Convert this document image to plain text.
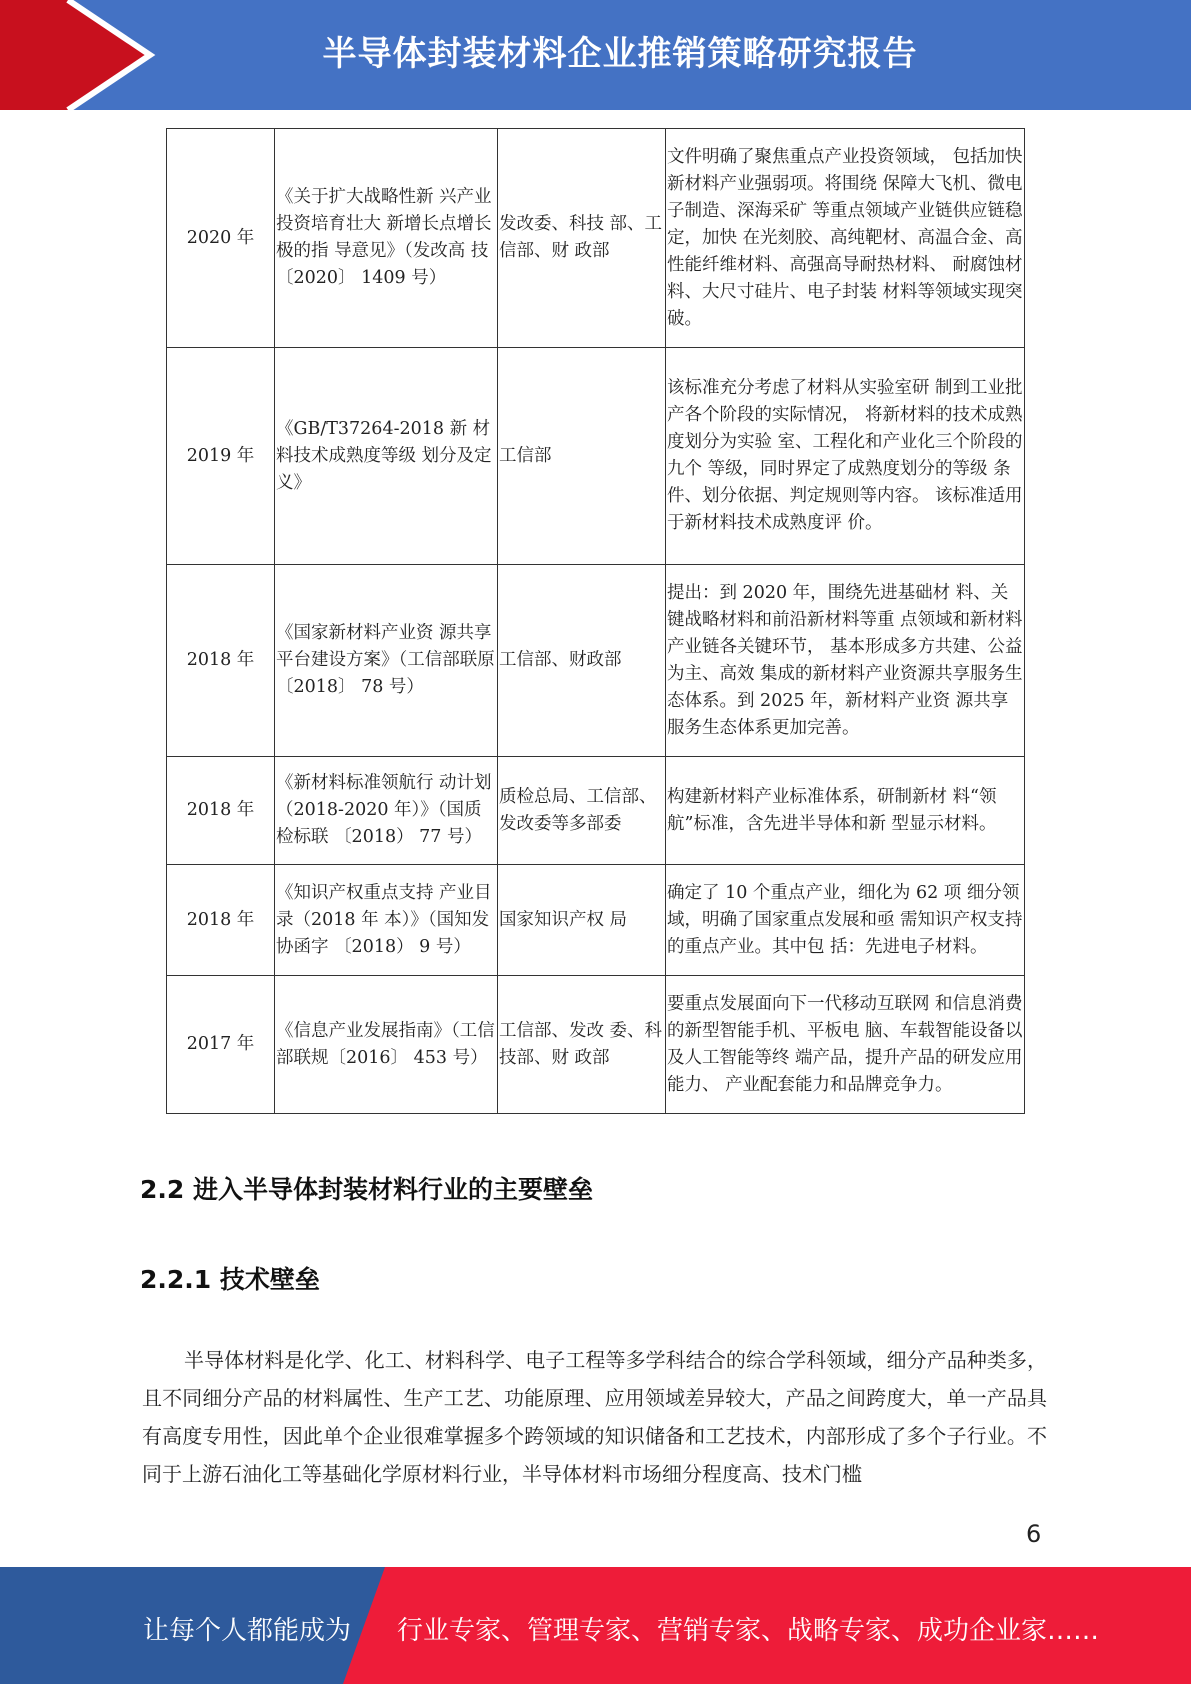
半导体封装材料企业推销策略研究报告
2020 年	《关于扩大战略性新 兴产业投资培育壮大 新增长点增长极的指 导意见》（发改高 技〔2020〕 1409 号）	发改委、科技 部、工信部、财 政部	文件明确了聚焦重点产业投资领域， 包括加快新材料产业强弱项。将围绕 保障大飞机、微电子制造、深海采矿 等重点领域产业链供应链稳定，加快 在光刻胶、高纯靶材、高温合金、高 性能纤维材料、高强高导耐热材料、 耐腐蚀材料、大尺寸硅片、电子封装 材料等领域实现突破。
2019 年	《GB/T37264-2018 新 材料技术成熟度等级 划分及定义》	工信部	该标准充分考虑了材料从实验室研 制到工业批产各个阶段的实际情况， 将新材料的技术成熟度划分为实验 室、工程化和产业化三个阶段的九个 等级，同时界定了成熟度划分的等级 条件、划分依据、判定规则等内容。 该标准适用于新材料技术成熟度评 价。
2018 年	《国家新材料产业资 源共享平台建设方案》（工信部联原〔2018〕 78 号）	工信部、财政部	提出：到 2020 年，围绕先进基础材 料、关键战略材料和前沿新材料等重 点领域和新材料产业链各关键环节， 基本形成多方共建、公益为主、高效 集成的新材料产业资源共享服务生 态体系。到 2025 年，新材料产业资 源共享服务生态体系更加完善。
2018 年	《新材料标准领航行 动计划 （2018-2020 年）》（国质检标联 〔2018） 77 号）	质检总局、工信部、发改委等多部委	构建新材料产业标准体系，研制新材 料“领航”标准，含先进半导体和新 型显示材料。
2018 年	《知识产权重点支持 产业目录（2018 年 本）》（国知发协函字 〔2018） 9 号）	国家知识产权 局	确定了 10 个重点产业，细化为 62 项 细分领域，明确了国家重点发展和亟 需知识产权支持的重点产业。其中包 括：先进电子材料。
2017 年	《信息产业发展指南》（工信部联规〔2016〕 453 号）	工信部、发改 委、科技部、财 政部	要重点发展面向下一代移动互联网 和信息消费的新型智能手机、平板电 脑、车载智能设备以及人工智能等终 端产品，提升产品的研发应用能力、 产业配套能力和品牌竞争力。
2.2 进入半导体封装材料行业的主要壁垒
2.2.1 技术壁垒

半导体材料是化学、化工、材料科学、电子工程等多学科结合的综合学科领域，细分产品种类多，且不同细分产品的材料属性、生产工艺、功能原理、应用领域差异较大，产品之间跨度大，单一产品具有高度专用性，因此单个企业很难掌握多个跨领域的知识储备和工艺技术，内部形成了多个子行业。不同于上游石油化工等基础化学原材料行业，半导体材料市场细分程度高、技术门槛

6
让每个人都能成为 行业专家、管理专家、营销专家、战略专家、成功企业家……
